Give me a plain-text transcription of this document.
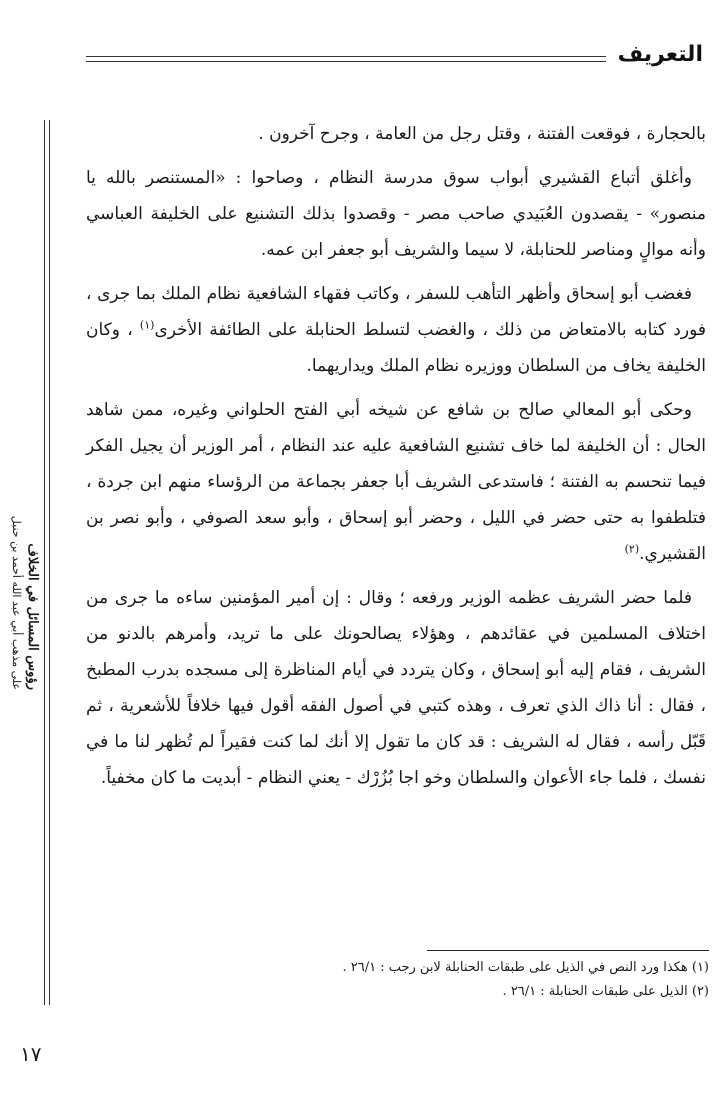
التعريف
رؤوس المسائل في الخلاف
على مذهب أبي عبد الله أحمد بن حنبل

بالحجارة ، فوقعت الفتنة ، وقتل رجل من العامة ، وجرح آخرون .

وأغلق أتباع القشيري أبواب سوق مدرسة النظام ، وصاحوا : «المستنصر بالله يا منصور» - يقصدون العُبَيدي صاحب مصر - وقصدوا بذلك التشنيع على الخليفة العباسي وأنه موالٍ ومناصر للحنابلة، لا سيما والشريف أبو جعفر ابن عمه.

فغضب أبو إسحاق وأظهر التأهب للسفر ، وكاتب فقهاء الشافعية نظام الملك بما جرى ، فورد كتابه بالامتعاض من ذلك ، والغضب لتسلط الحنابلة على الطائفة الأخرى$^{(١)}$ ، وكان الخليفة يخاف من السلطان ووزيره نظام الملك ويداريهما.

وحكى أبو المعالي صالح بن شافع عن شيخه أبي الفتح الحلواني وغيره، ممن شاهد الحال : أن الخليفة لما خاف تشنيع الشافعية عليه عند النظام ، أمر الوزير أن يجيل الفكر فيما تنحسم به الفتنة ؛ فاستدعى الشريف أبا جعفر بجماعة من الرؤساء منهم ابن جردة ، فتلطفوا به حتى حضر في الليل ، وحضر أبو إسحاق ، وأبو سعد الصوفي ، وأبو نصر بن القشيري.$^{(٢)}$

فلما حضر الشريف عظمه الوزير ورفعه ؛ وقال : إن أمير المؤمنين ساءه ما جرى من اختلاف المسلمين في عقائدهم ، وهؤلاء يصالحونك على ما تريد، وأمرهم بالدنو من الشريف ، فقام إليه أبو إسحاق ، وكان يتردد في أيام المناظرة إلى مسجده بدرب المطبخ ، فقال : أنا ذاك الذي تعرف ، وهذه كتبي في أصول الفقه أقول فيها خلافاً للأشعرية ، ثم قَبّل رأسه ، فقال له الشريف : قد كان ما تقول إلا أنك لما كنت فقيراً لم تُظهر لنا ما في نفسك ، فلما جاء الأعوان والسلطان وخو اجا بُزُرْك - يعني النظام - أبديت ما كان مخفياً.

(١) هكذا ورد النص في الذيل على طبقات الحنابلة لابن رجب : ٢٦/١ .
(٢) الذيل على طبقات الحنابلة : ٢٦/١ .
١٧
